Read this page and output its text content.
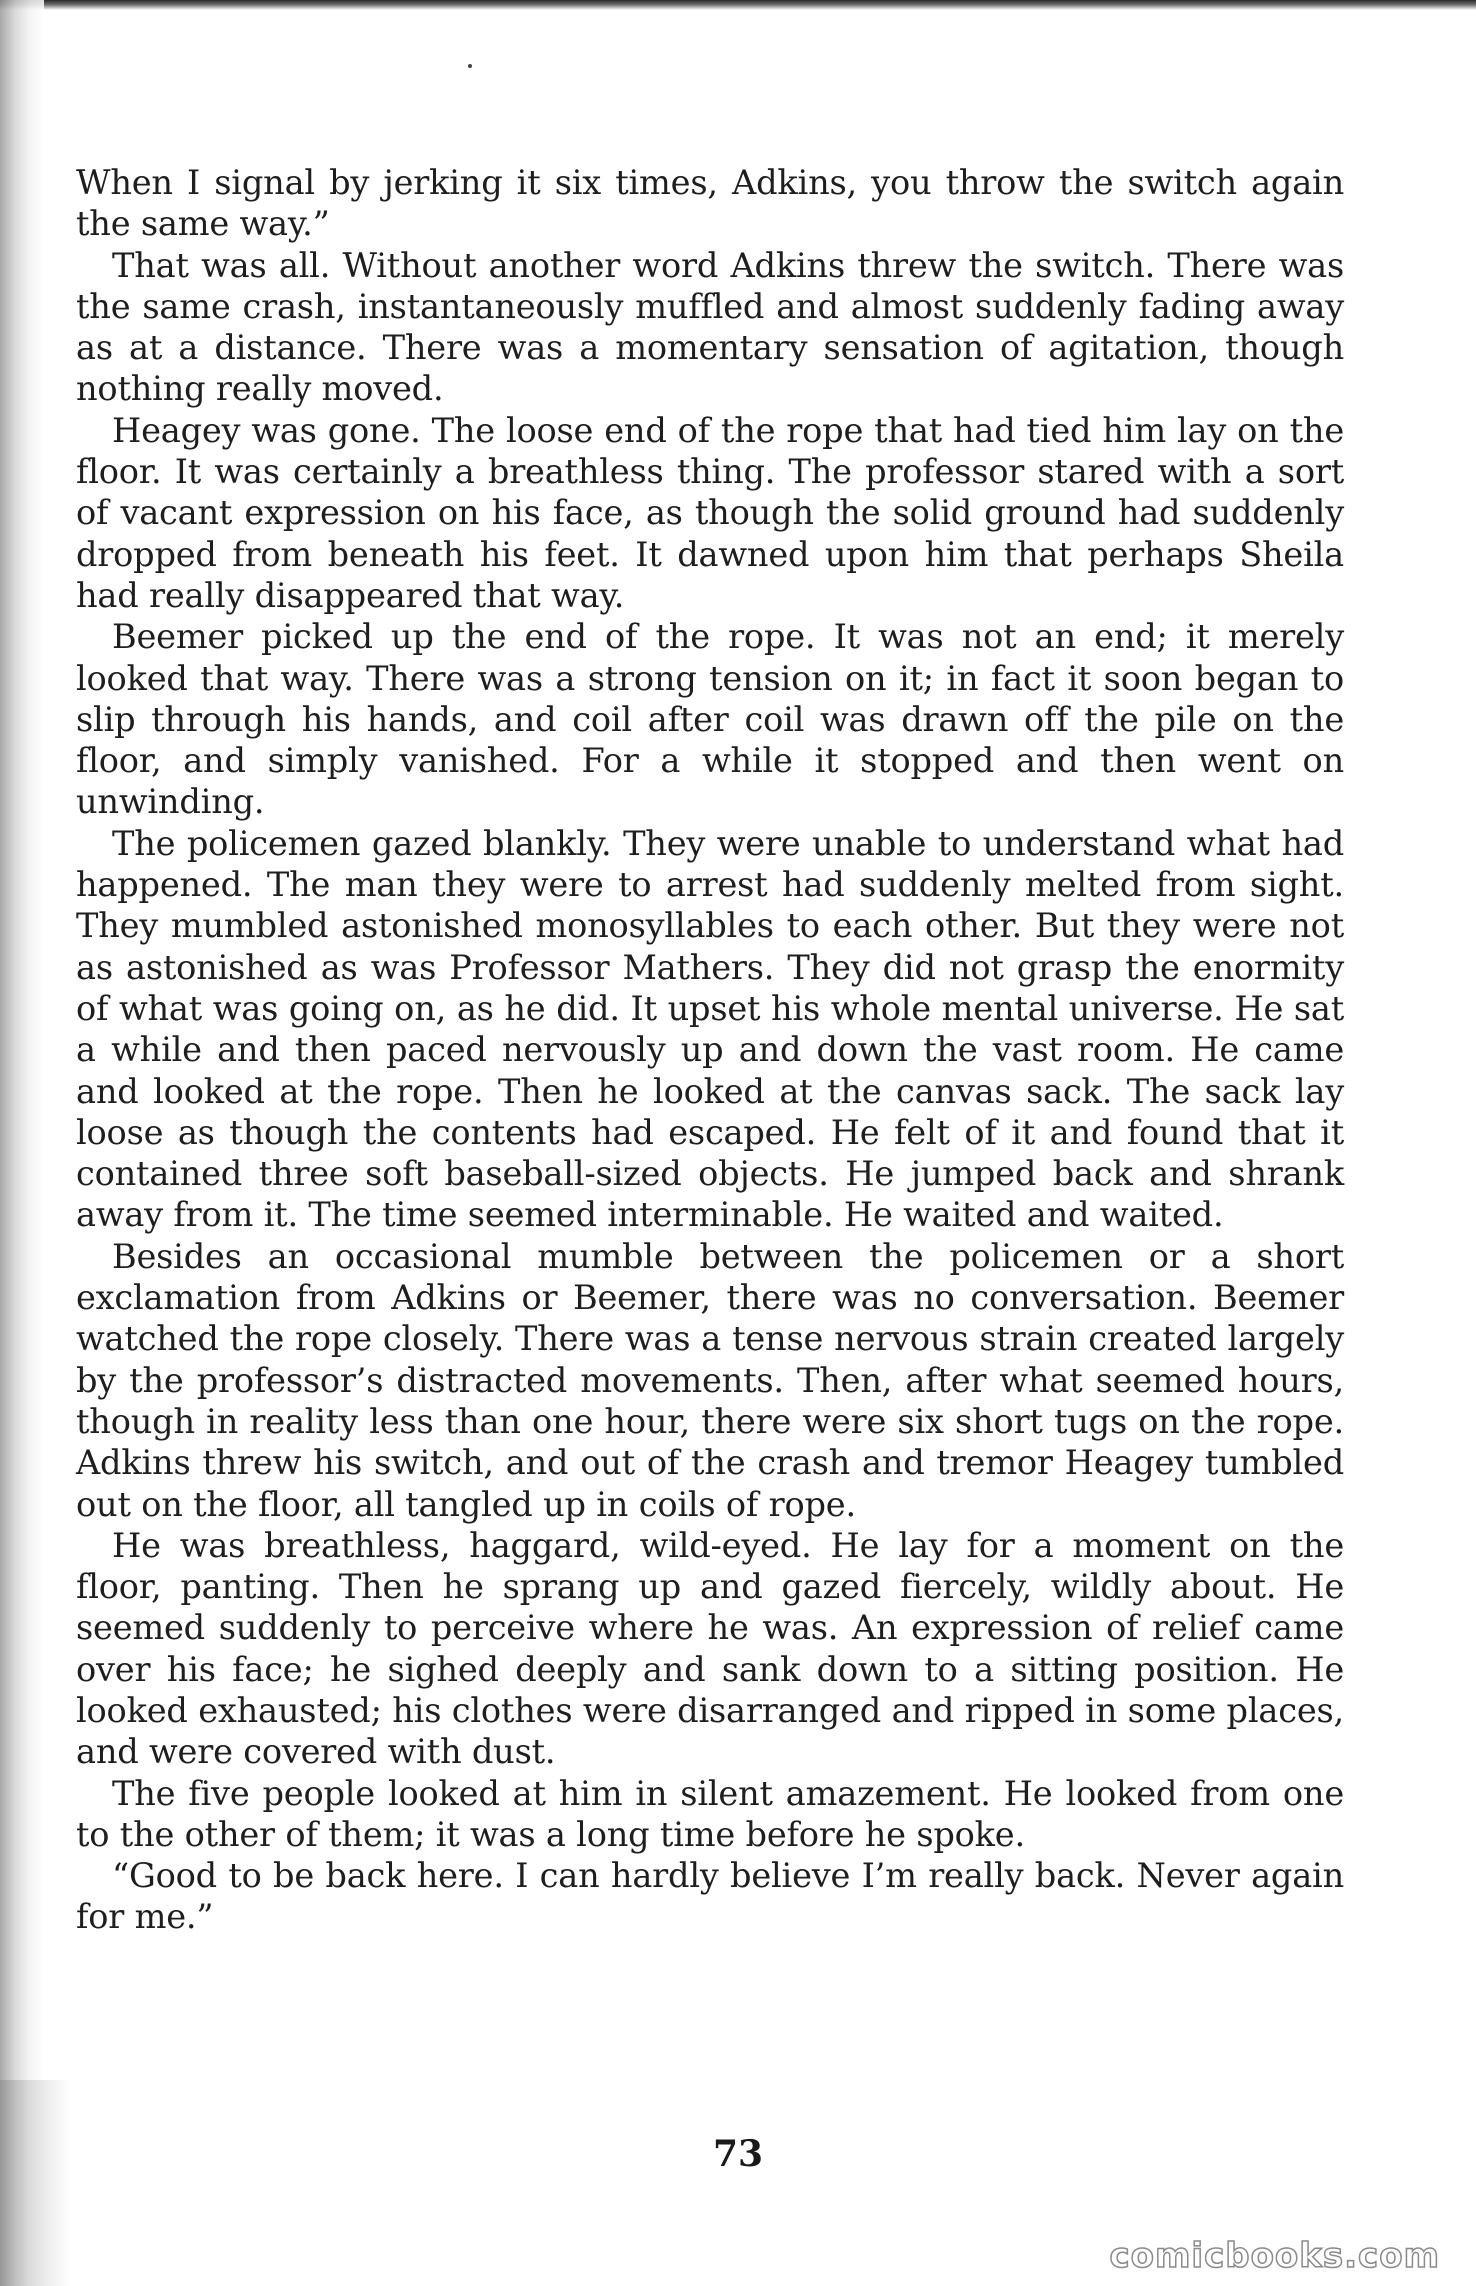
When I signal by jerking it six times, Adkins, you throw the switch again the same way.”

That was all. Without another word Adkins threw the switch. There was the same crash, instantaneously muffled and almost suddenly fading away as at a distance. There was a momentary sensation of agitation, though nothing really moved.

Heagey was gone. The loose end of the rope that had tied him lay on the floor. It was certainly a breathless thing. The professor stared with a sort of vacant expression on his face, as though the solid ground had suddenly dropped from beneath his feet. It dawned upon him that perhaps Sheila had really disappeared that way.

Beemer picked up the end of the rope. It was not an end; it merely looked that way. There was a strong tension on it; in fact it soon began to slip through his hands, and coil after coil was drawn off the pile on the floor, and simply vanished. For a while it stopped and then went on unwinding.

The policemen gazed blankly. They were unable to understand what had happened. The man they were to arrest had suddenly melted from sight. They mumbled astonished monosyllables to each other. But they were not as astonished as was Professor Mathers. They did not grasp the enormity of what was going on, as he did. It upset his whole mental universe. He sat a while and then paced nervously up and down the vast room. He came and looked at the rope. Then he looked at the canvas sack. The sack lay loose as though the contents had escaped. He felt of it and found that it contained three soft baseball-sized objects. He jumped back and shrank away from it. The time seemed interminable. He waited and waited.

Besides an occasional mumble between the policemen or a short exclamation from Adkins or Beemer, there was no conversation. Beemer watched the rope closely. There was a tense nervous strain created largely by the professor’s distracted movements. Then, after what seemed hours, though in reality less than one hour, there were six short tugs on the rope. Adkins threw his switch, and out of the crash and tremor Heagey tumbled out on the floor, all tangled up in coils of rope.

He was breathless, haggard, wild-eyed. He lay for a moment on the floor, panting. Then he sprang up and gazed fiercely, wildly about. He seemed suddenly to perceive where he was. An expression of relief came over his face; he sighed deeply and sank down to a sitting position. He looked exhausted; his clothes were disarranged and ripped in some places, and were covered with dust.

The five people looked at him in silent amazement. He looked from one to the other of them; it was a long time before he spoke.

“Good to be back here. I can hardly believe I’m really back. Never again for me.”

73
comicbooks.com
